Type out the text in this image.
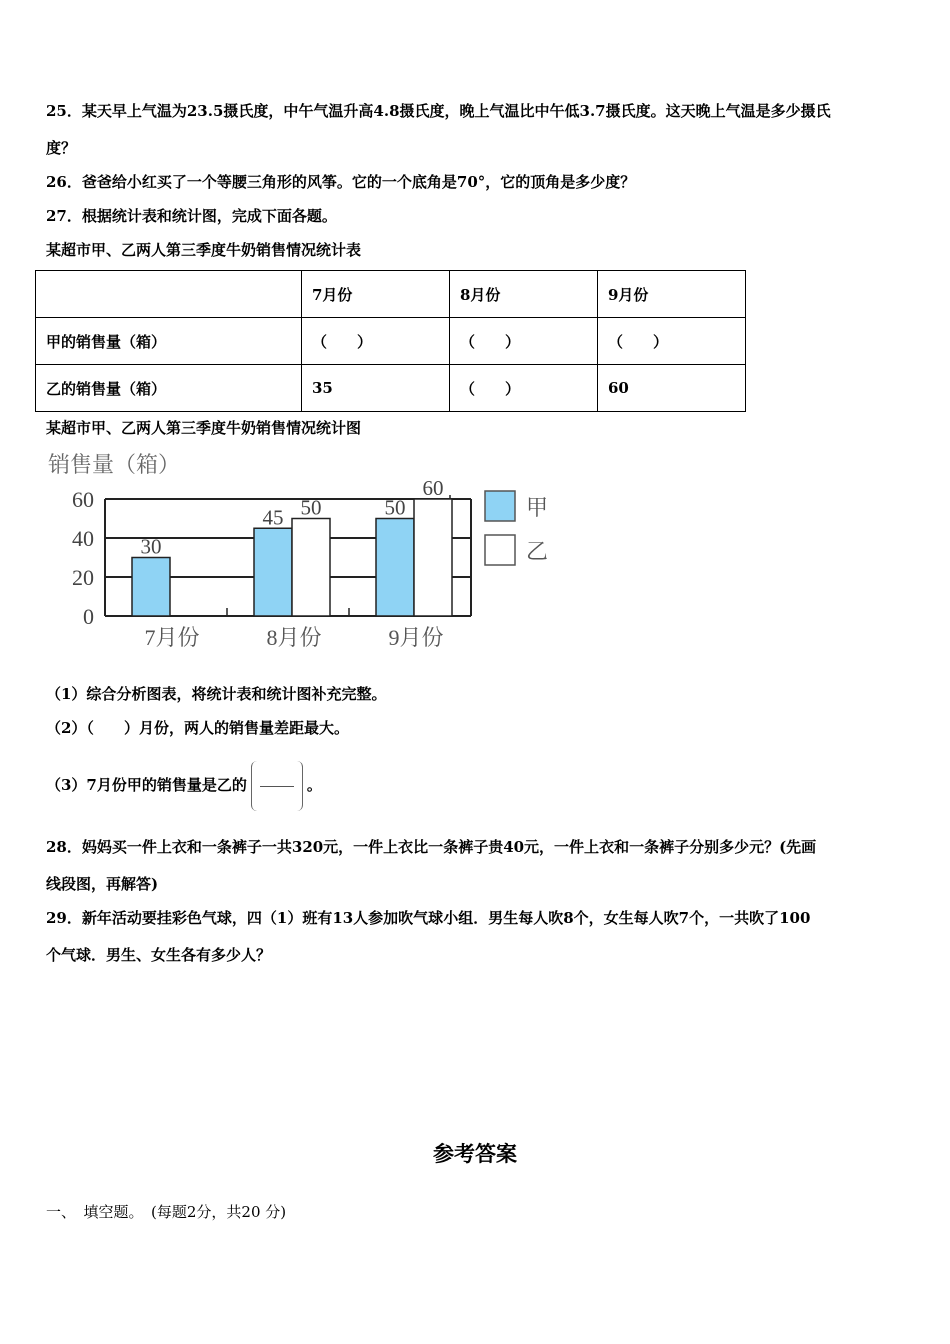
25．某天早上气温为23.5摄氏度，中午气温升高4.8摄氏度，晚上气温比中午低3.7摄氏度。这天晚上气温是多少摄氏
度？
26．爸爸给小红买了一个等腰三角形的风筝。它的一个底角是70°，它的顶角是多少度？
27．根据统计表和统计图，完成下面各题。
某超市甲、乙两人第三季度牛奶销售情况统计表
	7月份	8月份	9月份
甲的销售量（箱）	（　　）	（　　）	（　　）
乙的销售量（箱）	35	（　　）	60
某超市甲、乙两人第三季度牛奶销售情况统计图
销售量（箱）
0
20
40
60
7月份
30
8月份
45 50
9月份
50
60
甲
乙
（1）综合分析图表，将统计表和统计图补充完整。
（2）（　　）月份，两人的销售量差距最大。
（3）7月份甲的销售量是乙的	。
28．妈妈买一件上衣和一条裤子一共320元，一件上衣比一条裤子贵40元，一件上衣和一条裤子分别多少元？(先画
线段图，再解答)
29．新年活动要挂彩色气球，四（1）班有13人参加吹气球小组．男生每人吹8个，女生每人吹7个，一共吹了100
个气球．男生、女生各有多少人？
参考答案
一、　填空题。　(每题2分，共20 分)
